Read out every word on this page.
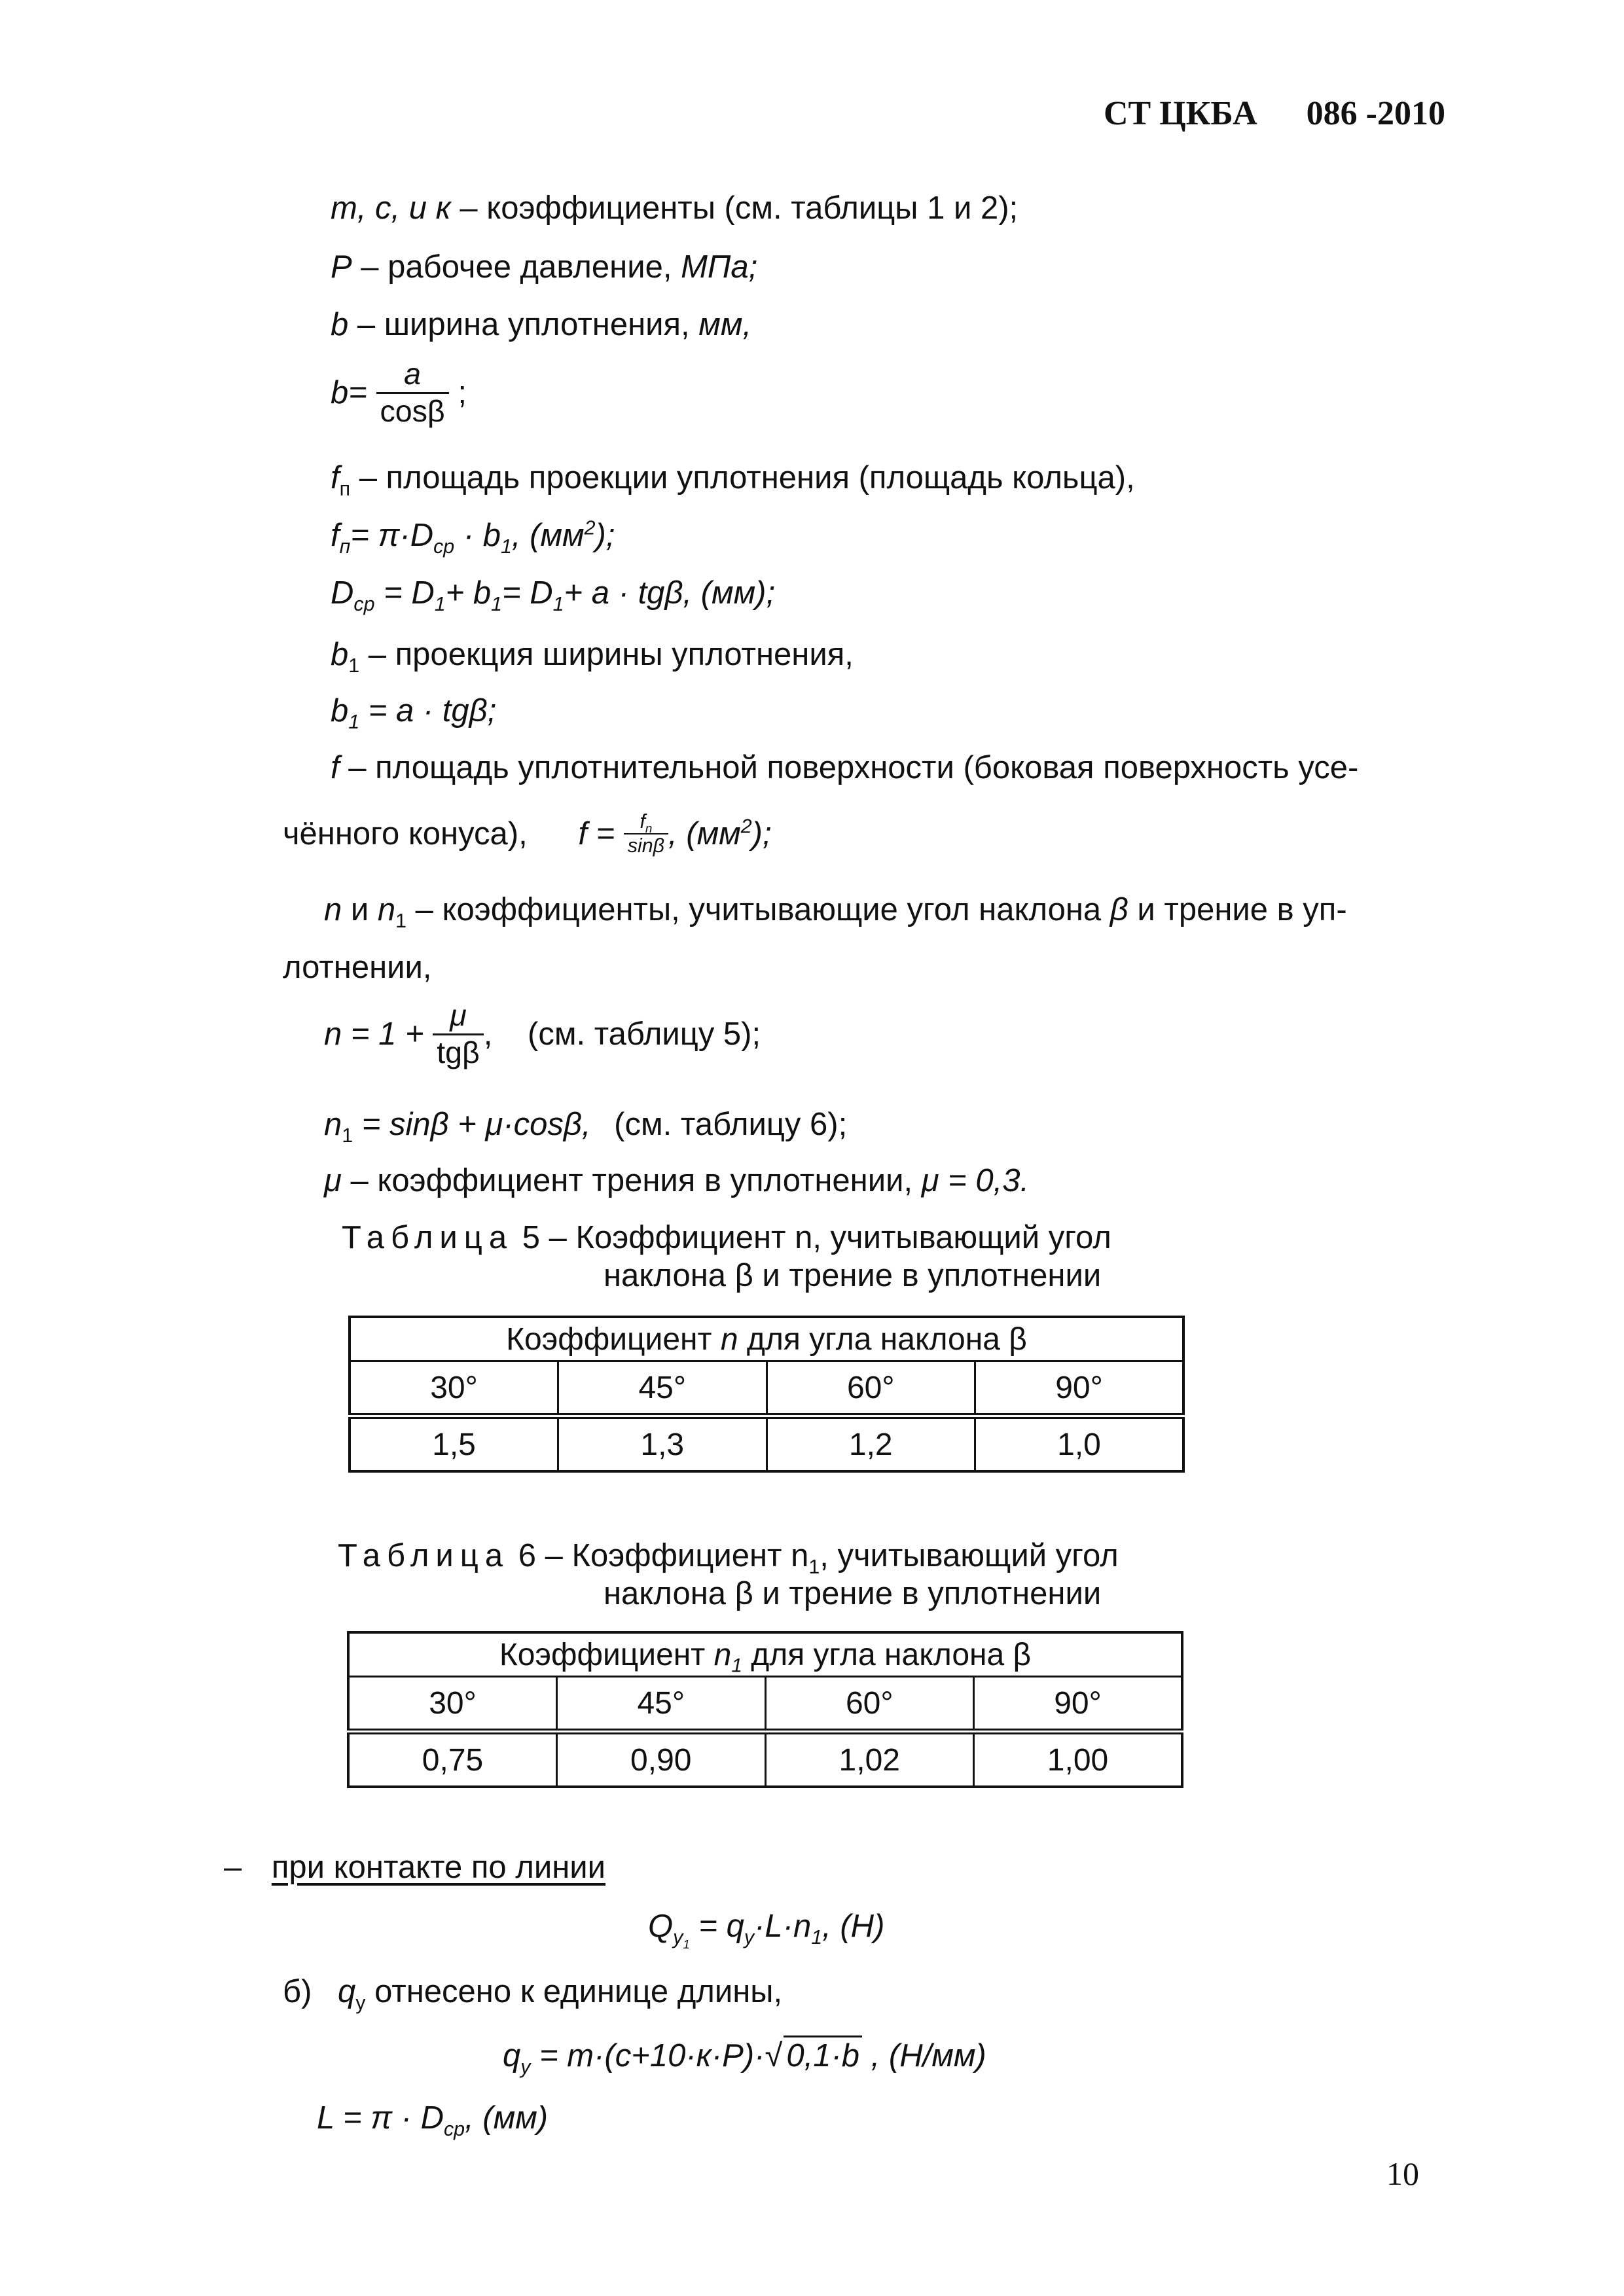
СТ ЦКБА 086 -2010
m, c, и к – коэффициенты (см. таблицы 1 и 2);
P – рабочее давление, МПа;
b – ширина уплотнения, мм,
$b= \frac{a}{\cos\beta}$ ;
$f_п$ – площадь проекции уплотнения (площадь кольца),
$f_п= \pi\cdot D_{ср} \cdot b_1$, $(мм^2)$;
$D_{ср} = D_1+ b_1= D_1+ a \cdot tg\beta$, (мм);
$b_1$ – проекция ширины уплотнения,
$b_1 = a \cdot tg\beta$;
f – площадь уплотнительной поверхности (боковая поверхность усе-
чённого конуса), $f = \frac{f_n}{\sin\beta}$ , $(мм^2)$;
n и $n_1$ – коэффициенты, учитывающие угол наклона β и трение в уп-
лотнении,
$n = 1 + \frac{\mu}{\text{tgβ}}$ , (см. таблицу 5);
$n_1 = \sin\beta + \mu\cdot\cos\beta$, (см. таблицу 6);
μ – коэффициент трения в уплотнении, μ = 0,3.
Таблица 5 – Коэффициент n, учитывающий угол
наклона β и трение в уплотнении
Коэффициент n для угла наклона β			
30°	45°	60°	90°
1,5	1,3	1,2	1,0
Таблица 6 – Коэффициент $n_1$, учитывающий угол
наклона β и трение в уплотнении
Коэффициент $n_1$ для угла наклона β			
30°	45°	60°	90°
0,75	0,90	1,02	1,00
– при контакте по линии
$Q_{y_1} = q_y\cdot L\cdot n_1$, (H)
б) $q_y$ отнесено к единице длины,
$q_y = m\cdot(c+10\cdot к\cdot P)\cdot√$ 0,1·b , (Н/мм)
$L = \pi \cdot D_{ср}$, (мм)
10
